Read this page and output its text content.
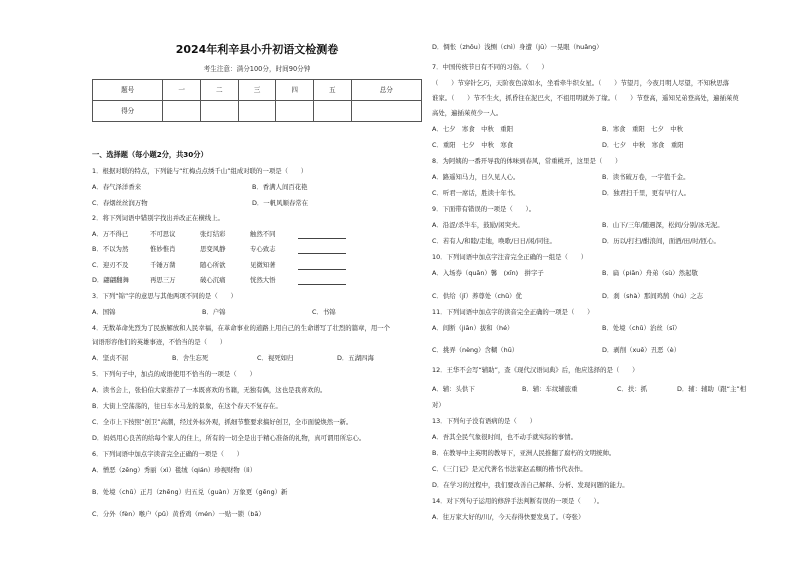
2024年利辛县小升初语文检测卷
考生注意：满分100分，时间90分钟
题号	一	二	三	四	五	总分
得分						
一、选择题（每小题2分，共30分）
1．根据对联的特点，下列能与“红梅点点绣千山”组成对联的一项是（　　）
A．春气泽洋香来	B．香满人间百花艳
C．春烟丝丝润万物	D．一帆风顺春常在
2．将下列词语中错别字找出并改正在横线上。
A．万不得已	不可思议	张灯结彩	触然不同
B．不以为然	惟妙惟肖	思变风静	专心致志
C．迎刃不及	千锤万凿	随心所欲	见微知著
D．翩翩翻舞	再思三万	破心沉痛	恍然大悟
3．下列“锦”字的意思与其他两项不同的是（　　）
A．国锦	B．户锦	C．书锦
4．无数革命先烈为了民族解放和人民幸福，在革命事业的道路上用自己的生命谱写了壮烈的篇章，用一个
词语形容他们的英雄事迹，不恰当的是（　　）
A．坚贞不屈	B．舍生忘死	C．视死如归	D．五湖四海
5．下列句子中，加点的成语使用不恰当的一项是（　　）
A．读书会上，张伯伯大家推荐了一本既喜欢的书籍，无独有偶，这也是我喜欢的。
B．大街上空荡荡的，往日车水马龙的景象，在这个春天不复存在。
C．全市上下按照“创卫”高潮，经过外标外观，抓细节整要求搞好创卫，全市面貌焕然一新。
D．妈妈用心良苦的给每个家人的住上，所有的一切全是出于精心准备的礼物，真可谓用所忘心。
6．下列词语中加点字读音完全正确的一项是（　　）
A．憎恶（zēng）秀丽（xì）毯绒（qián）珍视财物（lì）
B．处境（chǔ）正月（zhēng）归五兑（guàn）万象更（gēng）新
C．分外（fèn）喉户（pǔ）黄昏鸡（mén）一贴一锁（bā）
D．惆怅（zhōu）浅恻（chì）身遭（jū）一晃眼（huǎng）
7．中国传统节日有不同的习俗。（　　）
（　　）节穿针乞巧，天阶夜色凉如水，坐看牵牛织女星。（　　）节望月，今夜月明人尽望，不知秋思落
谁家。（　　）节不生火，抓昏往在泥巴火，不祖用明就外了缘。（　　）节登高，遥知兄弟登高处，遍插茱萸
高处，遍插茱萸少一人。
A．七夕　寒食　中秋　重阳	B．寒食　重阳　七夕　中秋
C．重阳　七夕　中秋　寒食	D．七夕　中秋　寒食　重阳
8．为阿姨的一番开导我的体味到春风，常重桃开，这里是（　　）
A．路遥知马力，日久见人心。	B．读书破万卷，一字值千金。
C．听君一席话，胜读十年书。	D．独君扫千里，更有早行人。
9．下面带有错误的一项是（　　）。
A．沿涩/杀牛车，鼓励/闲突夫。	B．山下/三年/随遇深，松间/分别/冰无泥。
C．若有人/和睦/走地，唤歌/日日/闲/同往。	D．历以/打扫/酣浪间，面酒/田/时/匝心。
10．下列词语中加点字注音完全正确的一组是（　　）
A．入场券（quān）馨　(xīn)　拼字子	B．扁（piān）舟弟（sù）然起敬
C．供给（jǐ）养尊处（chǔ）优	D．刹（shà）那间鸡鹄（hú）之志
11．下列词语中加点字的读音完全正确的一项是（　　）
A．间断（jiān）拔和（hé）	B．处境（chǔ）治丝（sī）
C．挑弄（nèng）含糊（hū）	D．剥削（xuē）丑恶（è）
12．王华不会写“辅助”，查《现代汉语词典》后，他应选择的是（　　）
A．辅：头供下	B．辅：车纹辅旅重	C．扶：抓	D．辅：辅助（跟“主”相
对）
13．下列句子没有语病的是（　　）
A．吾其全民气象很时间，也不动手就实际的事情。
B．在教导中主英明的教导下，亚洲人民推翻了腐朽的文明统帅。
C．《三门记》是元代著名书法家赵孟頫的楷书代表作。
D．在学习的过程中，我们要改善自己解释、分析、发现问题的能力。
14．对下列句子运用的修辞手法判断有误的一项是（　　）。
A．往万家大好的/川/，今天春得快要发臭了。（夸张）
